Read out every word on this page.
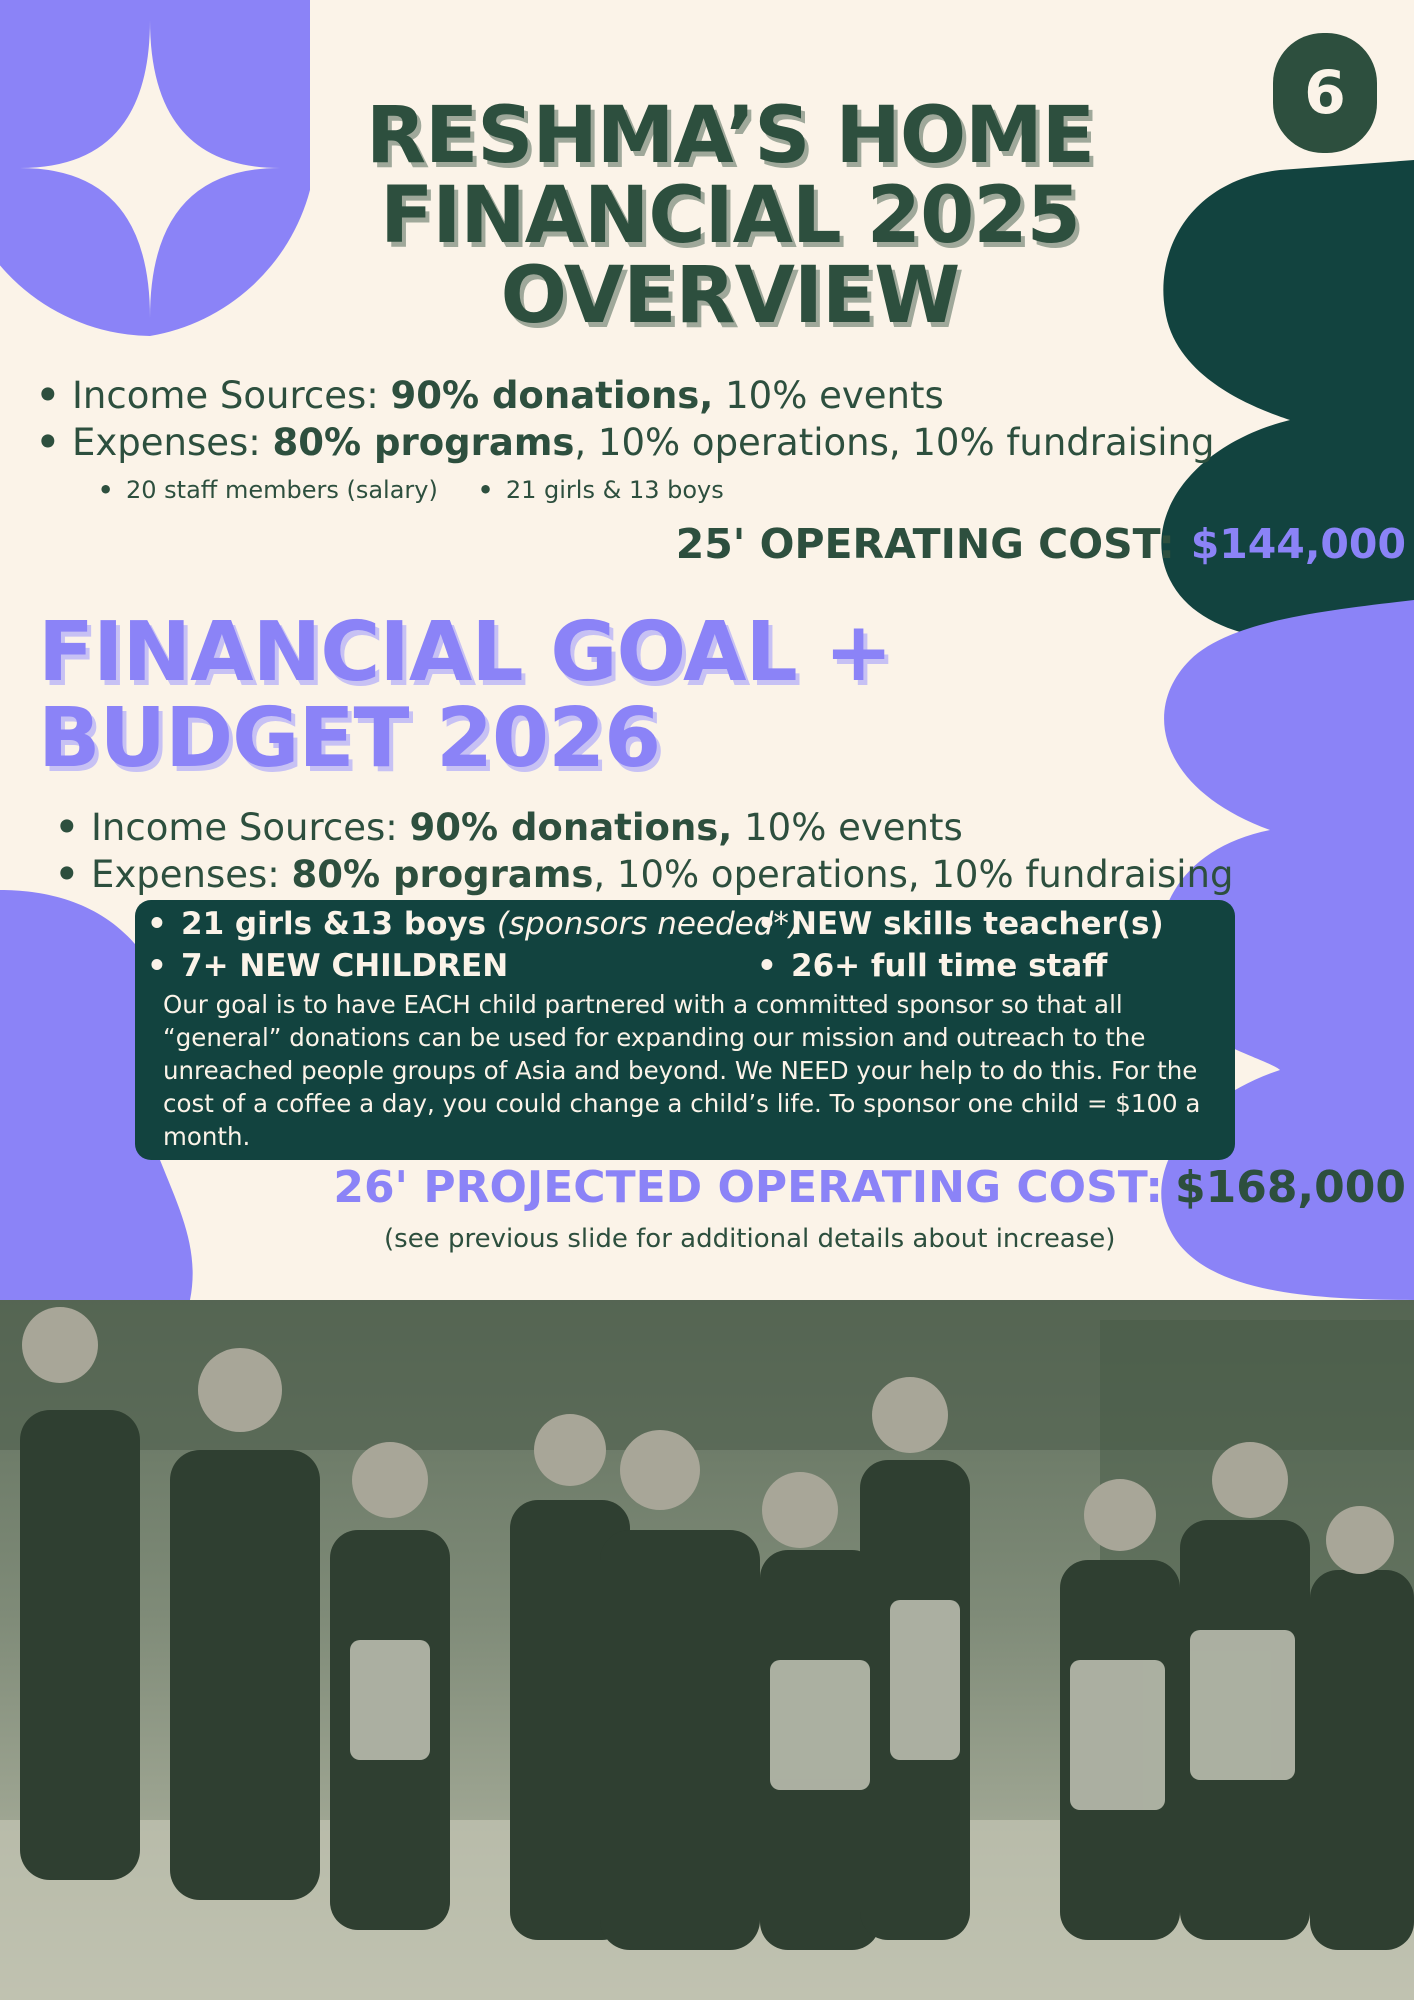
6
RESHMA’S HOME
FINANCIAL 2025
OVERVIEW
• Income Sources: 90% donations, 10% events
• Expenses: 80% programs, 10% operations, 10% fundraising
• 20 staff members (salary)	• 21 girls & 13 boys

25' OPERATING COST: $144,000

FINANCIAL GOAL +
BUDGET 2026
• Income Sources: 90% donations, 10% events
• Expenses: 80% programs, 10% operations, 10% fundraising
• 21 girls &13 boys (sponsors needed*)
• NEW skills teacher(s)
• 7+ NEW CHILDREN	• 26+ full time staff

Our goal is to have EACH child partnered with a committed sponsor so that all “general” donations can be used for expanding our mission and outreach to the unreached people groups of Asia and beyond. We NEED your help to do this. For the cost of a coffee a day, you could change a child’s life. To sponsor one child = $100 a month.

26' PROJECTED OPERATING COST: $168,000

(see previous slide for additional details about increase)
